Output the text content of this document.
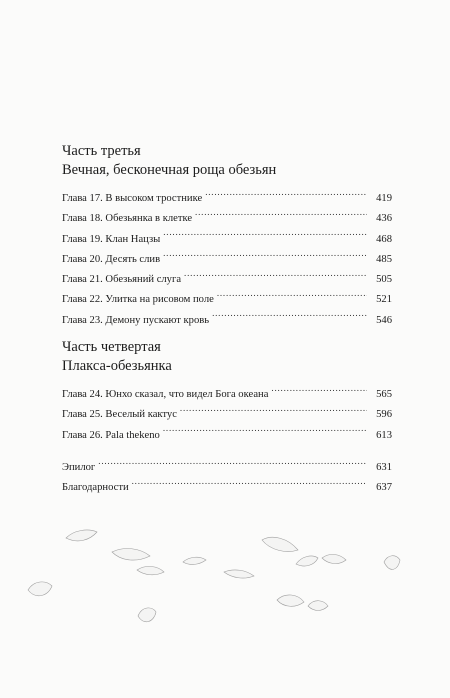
Часть третья
Вечная, бесконечная роща обезьян
Глава 17. В высоком тростнике .....	419
Глава 18. Обезьянка в клетке .....	436
Глава 19. Клан Нацзы .....	468
Глава 20. Десять слив .....	485
Глава 21. Обезьяний слуга .....	505
Глава 22. Улитка на рисовом поле .....	521
Глава 23. Демону пускают кровь .....	546
Часть четвертая
Плакса-обезьянка
Глава 24. Юнхо сказал, что видел Бога океана .....	565
Глава 25. Веселый кактус .....	596
Глава 26. Pala thekeno .....	613
Эпилог .....	631
Благодарности .....	637
